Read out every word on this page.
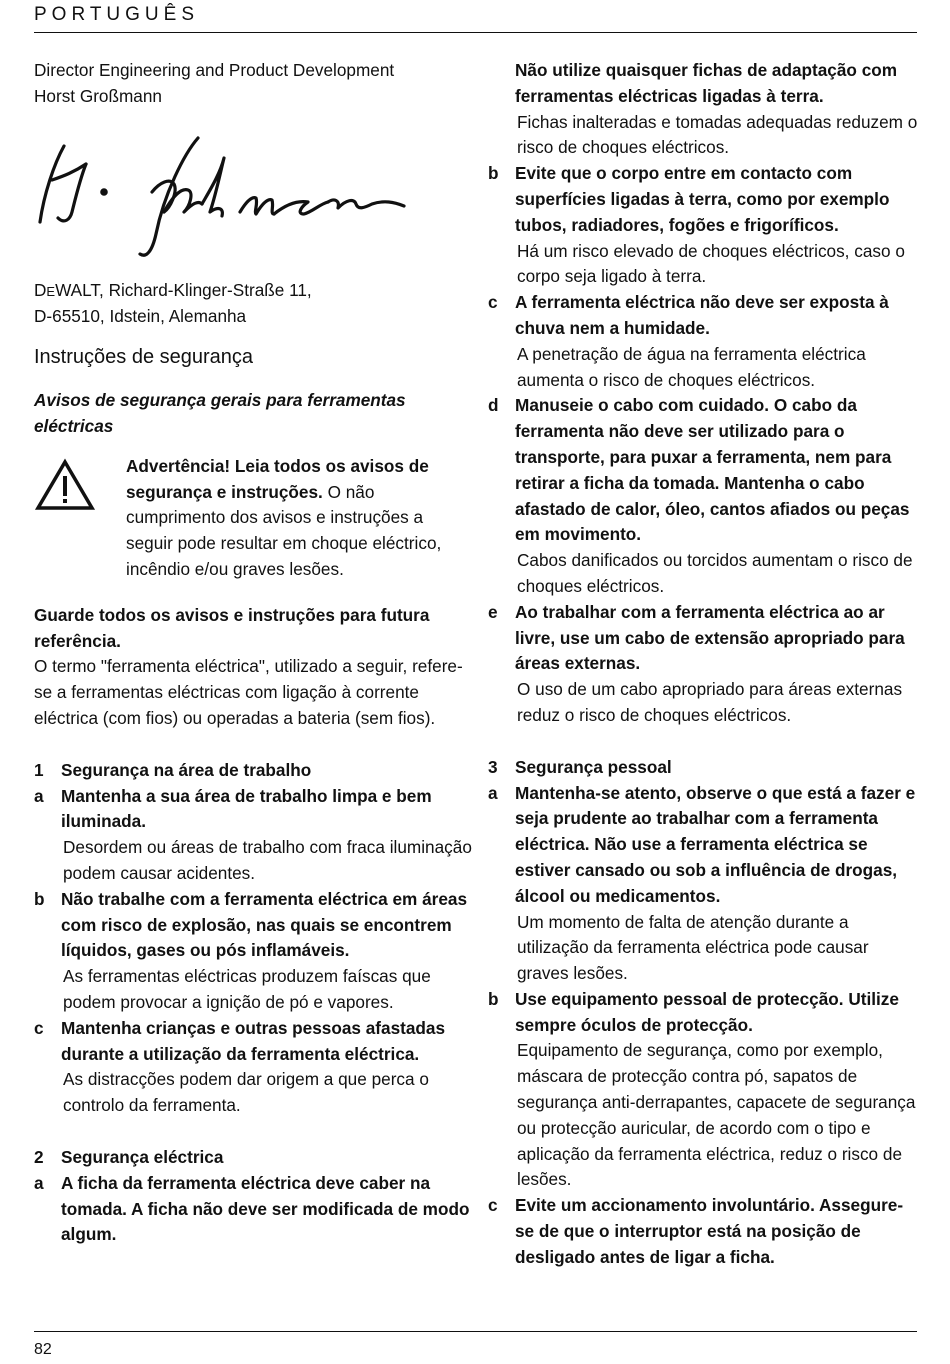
PORTUGUÊS

Director Engineering and Product Development

Horst Großmann

DEWALT, Richard-Klinger-Straße 11,

D-65510, Idstein, Alemanha

Instruções de segurança

Avisos de segurança gerais para ferramentas eléctricas

Advertência! Leia todos os avisos de segurança e instruções. O não cumprimento dos avisos e instruções a seguir pode resultar em choque eléctrico, incêndio e/ou graves lesões.

Guarde todos os avisos e instruções para futura referência.

O termo "ferramenta eléctrica", utilizado a seguir, refere-se a ferramentas eléctricas com ligação à corrente eléctrica (com fios) ou operadas a bateria (sem fios).

1	Segurança na área de trabalho
a	Mantenha a sua área de trabalho limpa e bem iluminada.
Desordem ou áreas de trabalho com fraca iluminação podem causar acidentes.
b Não trabalhe com a ferramenta eléctrica em áreas com risco de explosão, nas quais se encontrem líquidos, gases ou pós inflamáveis.
As ferramentas eléctricas produzem faíscas que podem provocar a ignição de pó e vapores.
c	Mantenha crianças e outras pessoas afastadas durante a utilização da ferramenta eléctrica.
As distracções podem dar origem a que perca o controlo da ferramenta.
2	Segurança eléctrica
a	A ficha da ferramenta eléctrica deve caber na tomada. A ficha não deve ser modificada de modo algum.
Não utilize quaisquer fichas de adaptação com ferramentas eléctricas ligadas à terra.
Fichas inalteradas e tomadas adequadas reduzem o risco de choques eléctricos.
b Evite que o corpo entre em contacto com superfícies ligadas à terra, como por exemplo tubos, radiadores, fogões e frigoríficos.
Há um risco elevado de choques eléctricos, caso o corpo seja ligado à terra.
c	A ferramenta eléctrica não deve ser exposta à chuva nem a humidade.
A penetração de água na ferramenta eléctrica aumenta o risco de choques eléctricos.
d Manuseie o cabo com cuidado. O cabo da ferramenta não deve ser utilizado para o transporte, para puxar a ferramenta, nem para retirar a ficha da tomada. Mantenha o cabo afastado de calor, óleo, cantos afiados ou peças em movimento.
Cabos danificados ou torcidos aumentam o risco de choques eléctricos.
e	Ao trabalhar com a ferramenta eléctrica ao ar livre, use um cabo de extensão apropriado para áreas externas.
O uso de um cabo apropriado para áreas externas reduz o risco de choques eléctricos.
3	Segurança pessoal
a	Mantenha-se atento, observe o que está a fazer e seja prudente ao trabalhar com a ferramenta eléctrica. Não use a ferramenta eléctrica se estiver cansado ou sob a influência de drogas, álcool ou medicamentos.
Um momento de falta de atenção durante a utilização da ferramenta eléctrica pode causar graves lesões.
b Use equipamento pessoal de protecção. Utilize sempre óculos de protecção.
Equipamento de segurança, como por exemplo, máscara de protecção contra pó, sapatos de segurança anti-derrapantes, capacete de segurança ou protecção auricular, de acordo com o tipo e aplicação da ferramenta eléctrica, reduz o risco de lesões.
c	Evite um accionamento involuntário. Assegure-se de que o interruptor está na posição de desligado antes de ligar a ficha.
82
